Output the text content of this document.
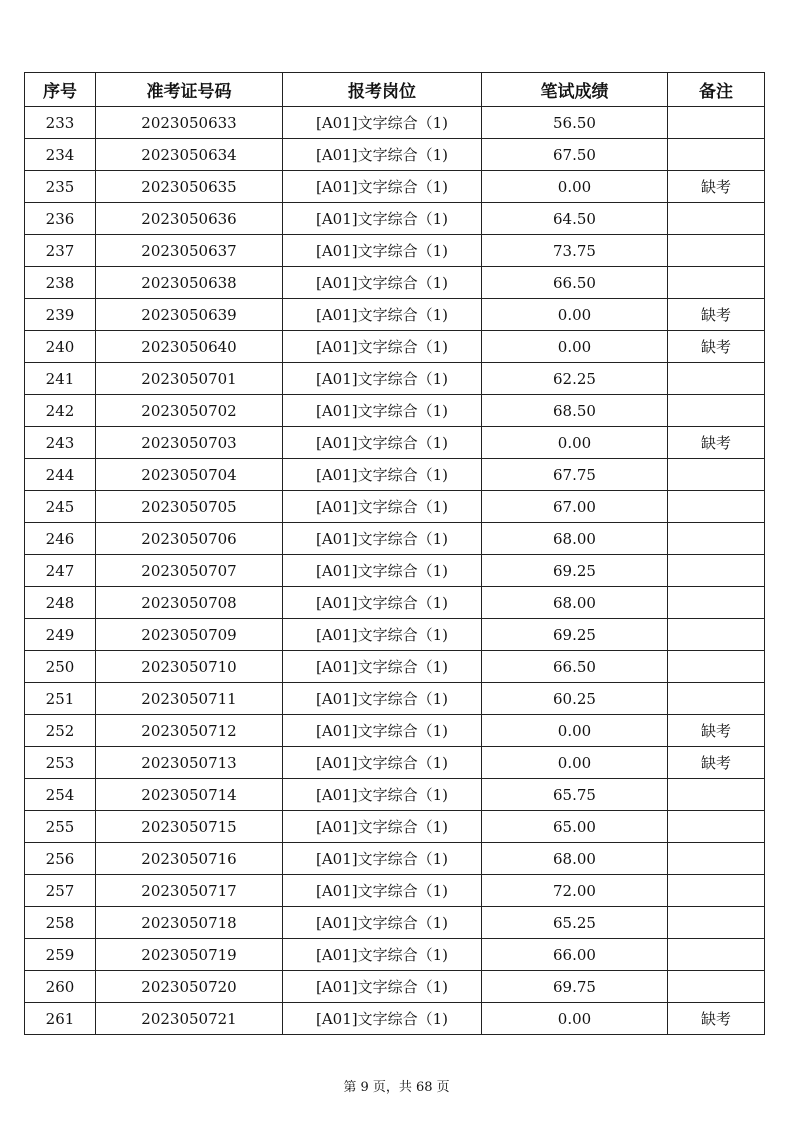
序号	准考证号码	报考岗位	笔试成绩	备注
233	2023050633	[A01]文字综合（1)	56.50	
234	2023050634	[A01]文字综合（1)	67.50	
235	2023050635	[A01]文字综合（1)	0.00	缺考
236	2023050636	[A01]文字综合（1)	64.50	
237	2023050637	[A01]文字综合（1)	73.75	
238	2023050638	[A01]文字综合（1)	66.50	
239	2023050639	[A01]文字综合（1)	0.00	缺考
240	2023050640	[A01]文字综合（1)	0.00	缺考
241	2023050701	[A01]文字综合（1)	62.25	
242	2023050702	[A01]文字综合（1)	68.50	
243	2023050703	[A01]文字综合（1)	0.00	缺考
244	2023050704	[A01]文字综合（1)	67.75	
245	2023050705	[A01]文字综合（1)	67.00	
246	2023050706	[A01]文字综合（1)	68.00	
247	2023050707	[A01]文字综合（1)	69.25	
248	2023050708	[A01]文字综合（1)	68.00	
249	2023050709	[A01]文字综合（1)	69.25	
250	2023050710	[A01]文字综合（1)	66.50	
251	2023050711	[A01]文字综合（1)	60.25	
252	2023050712	[A01]文字综合（1)	0.00	缺考
253	2023050713	[A01]文字综合（1)	0.00	缺考
254	2023050714	[A01]文字综合（1)	65.75	
255	2023050715	[A01]文字综合（1)	65.00	
256	2023050716	[A01]文字综合（1)	68.00	
257	2023050717	[A01]文字综合（1)	72.00	
258	2023050718	[A01]文字综合（1)	65.25	
259	2023050719	[A01]文字综合（1)	66.00	
260	2023050720	[A01]文字综合（1)	69.75	
261	2023050721	[A01]文字综合（1)	0.00	缺考
第 9 页，共 68 页
